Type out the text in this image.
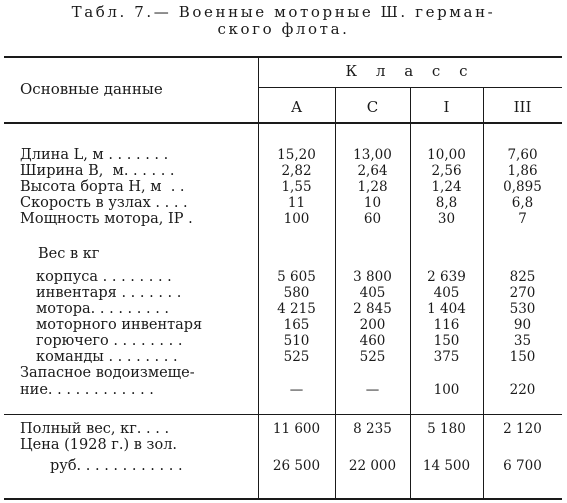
Табл. 7.— Военные моторные Ш. герман-
ского флота.
Основные данные
К л а с с
А	С	I	III
Длина L, м . . . . . . .	15,20	13,00	10,00	7,60
Ширина B,  м. . . . . .	2,82	2,64	2,56	1,86
Высота борта H, м  . .	1,55	1,28	1,24	0,895
Скорость в узлах . . . .	11	10	8,8	6,8
Мощность мотора, IP .	100	60	30	7
Вес в кг
корпуса . . . . . . . .	5 605	3 800	2 639	825
инвентаря . . . . . . .	580	405	405	270
мотора. . . . . . . . .	4 215	2 845	1 404	530
моторного инвентаря	165	200	116	90
горючего . . . . . . . .	510	460	150	35
команды . . . . . . . .	525	525	375	150
Запасное водоизмеще-
ние. . . . . . . . . . . .	—	—	100	220
Полный вес, кг. . . .	11 600	8 235	5 180	2 120
Цена (1928 г.) в зол.
руб. . . . . . . . . . . .	26 500	22 000	14 500	6 700
